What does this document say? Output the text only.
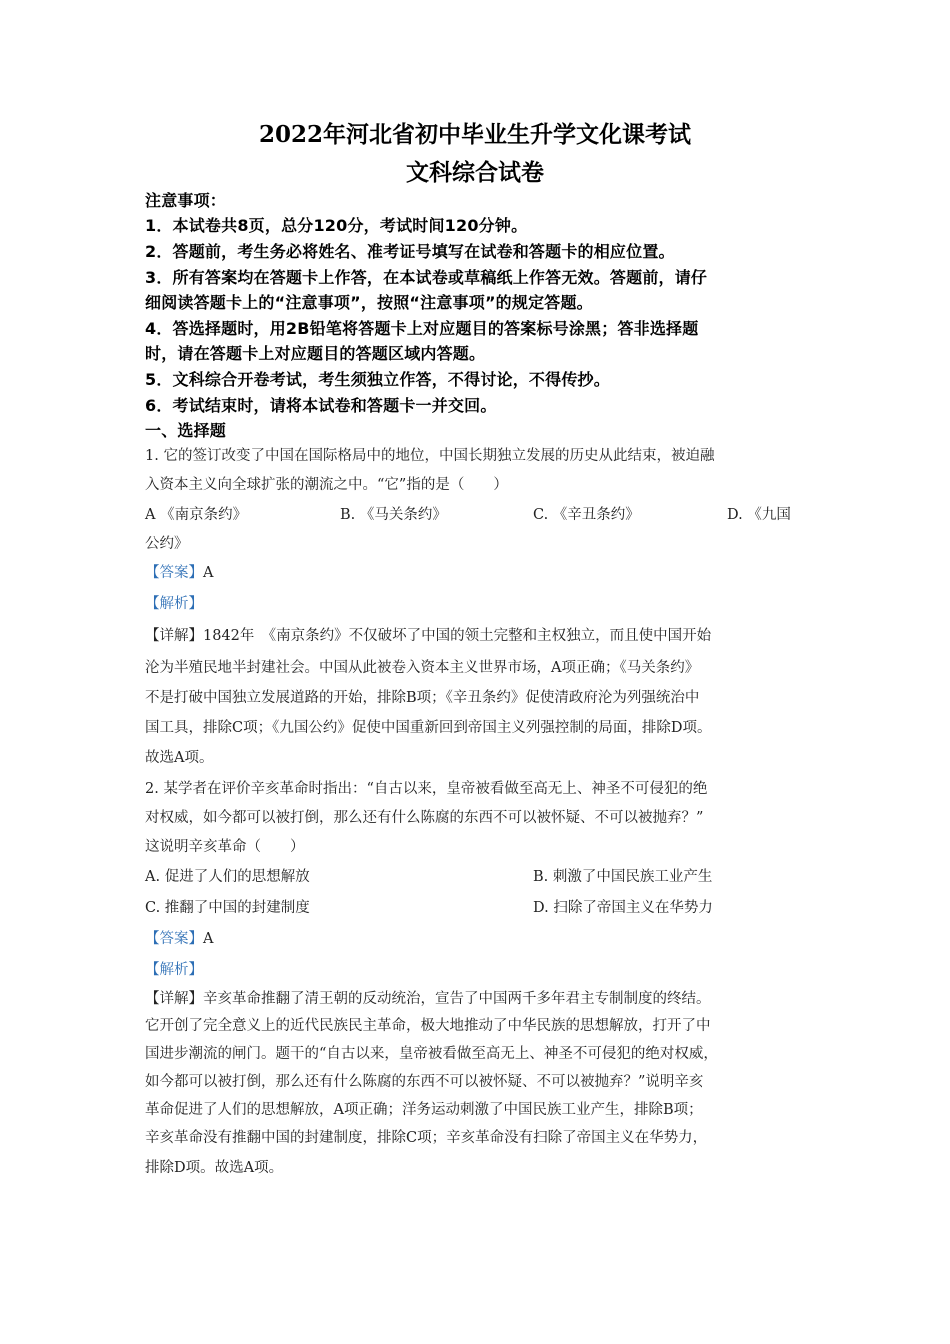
2022年河北省初中毕业生升学文化课考试
文科综合试卷
注意事项：
1．本试卷共8页，总分120分，考试时间120分钟。
2．答题前，考生务必将姓名、准考证号填写在试卷和答题卡的相应位置。
3．所有答案均在答题卡上作答，在本试卷或草稿纸上作答无效。答题前，请仔
细阅读答题卡上的“注意事项”，按照“注意事项”的规定答题。
4．答选择题时，用2B铅笔将答题卡上对应题目的答案标号涂黑；答非选择题
时，请在答题卡上对应题目的答题区域内答题。
5．文科综合开卷考试，考生须独立作答，不得讨论，不得传抄。
6．考试结束时，请将本试卷和答题卡一并交回。
一、选择题
1. 它的签订改变了中国在国际格局中的地位，中国长期独立发展的历史从此结束，被迫融
入资本主义向全球扩张的潮流之中。“它”指的是（　　）
A 《南京条约》	B. 《马关条约》	C. 《辛丑条约》	D. 《九国
公约》
【答案】A
【解析】
【详解】1842年　《南京条约》不仅破坏了中国的领土完整和主权独立，而且使中国开始
沦为半殖民地半封建社会。中国从此被卷入资本主义世界市场，A项正确；《马关条约》
不是打破中国独立发展道路的开始，排除B项；《辛丑条约》促使清政府沦为列强统治中
国工具，排除C项；《九国公约》促使中国重新回到帝国主义列强控制的局面，排除D项。
故选A项。
2. 某学者在评价辛亥革命时指出：“自古以来，皇帝被看做至高无上、神圣不可侵犯的绝
对权威，如今都可以被打倒，那么还有什么陈腐的东西不可以被怀疑、不可以被抛弃？”
这说明辛亥革命（　　）
A. 促进了人们的思想解放	B. 刺激了中国民族工业产生
C. 推翻了中国的封建制度	D. 扫除了帝国主义在华势力
【答案】A
【解析】
【详解】辛亥革命推翻了清王朝的反动统治，宣告了中国两千多年君主专制制度的终结。
它开创了完全意义上的近代民族民主革命，极大地推动了中华民族的思想解放，打开了中
国进步潮流的闸门。题干的“自古以来，皇帝被看做至高无上、神圣不可侵犯的绝对权威，
如今都可以被打倒，那么还有什么陈腐的东西不可以被怀疑、不可以被抛弃？”说明辛亥
革命促进了人们的思想解放，A项正确；洋务运动刺激了中国民族工业产生，排除B项；
辛亥革命没有推翻中国的封建制度，排除C项；辛亥革命没有扫除了帝国主义在华势力，
排除D项。故选A项。
